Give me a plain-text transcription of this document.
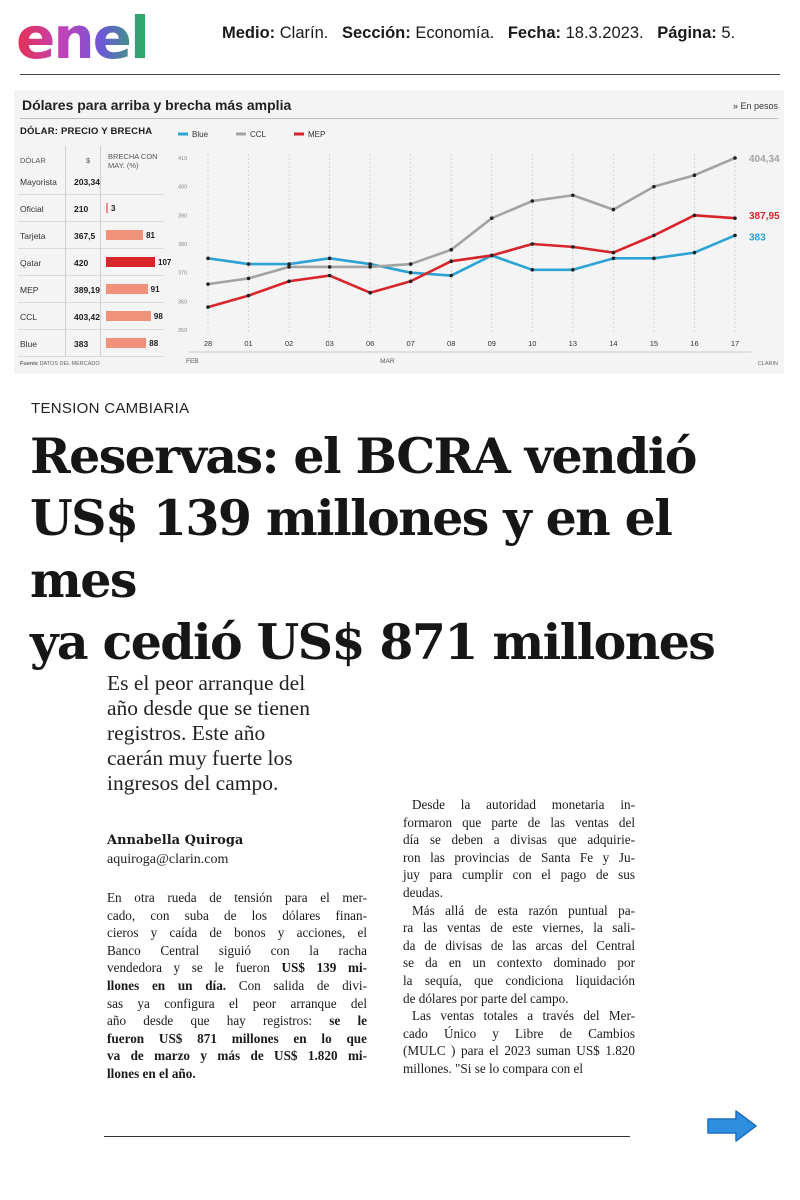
enel	Medio: Clarín. Sección: Economía. Fecha: 18.3.2023. Página: 5.
Dólares para arriba y brecha más amplia	» En pesos
DÓLAR: PRECIO Y BRECHA
DÓLAR	$ BRECHA CON MAY. (%)
Mayorista 203,34
Oficial	210	3
Tarjeta	367,5	81
Qatar	420	107
MEP	389,19	91
CCL	403,42	98
Blue	383	88
Blue	CCL	MEP
410
400
390
380
370
360
350
28	01	02	03	06	07	08	09	10	13	14	15	16	17
FEB	MAR
383
404,34
387,95
Fuente DATOS DEL MERCADO	CLARIN
TENSION CAMBIARIA
Reservas: el BCRA vendió
US$ 139 millones y en el mes
ya cedió US$ 871 millones
Es el peor arranque del
año desde que se tienen
registros. Este año
caerán muy fuerte los
ingresos del campo.
Annabella Quiroga
aquiroga@clarin.com
En otra rueda de tensión para el mer-
cado, con suba de los dólares finan-
cieros y caída de bonos y acciones, el
Banco Central siguió con la racha
vendedora y se le fueron US$ 139 mi-
llones en un día. Con salida de divi-
sas ya configura el peor arranque del
año desde que hay registros: se le
fueron US$ 871 millones en lo que
va de marzo y más de US$ 1.820 mi-
llones en el año.
Desde la autoridad monetaria in-
formaron que parte de las ventas del
día se deben a divisas que adquirie-
ron las provincias de Santa Fe y Ju-
juy para cumplir con el pago de sus
deudas.
Más allá de esta razón puntual pa-
ra las ventas de este viernes, la sali-
da de divisas de las arcas del Central
se da en un contexto dominado por
la sequía, que condiciona liquidación
de dólares por parte del campo.
Las ventas totales a través del Mer-
cado Único y Libre de Cambios
(MULC ) para el 2023 suman US$ 1.820
millones. "Si se lo compara con el
